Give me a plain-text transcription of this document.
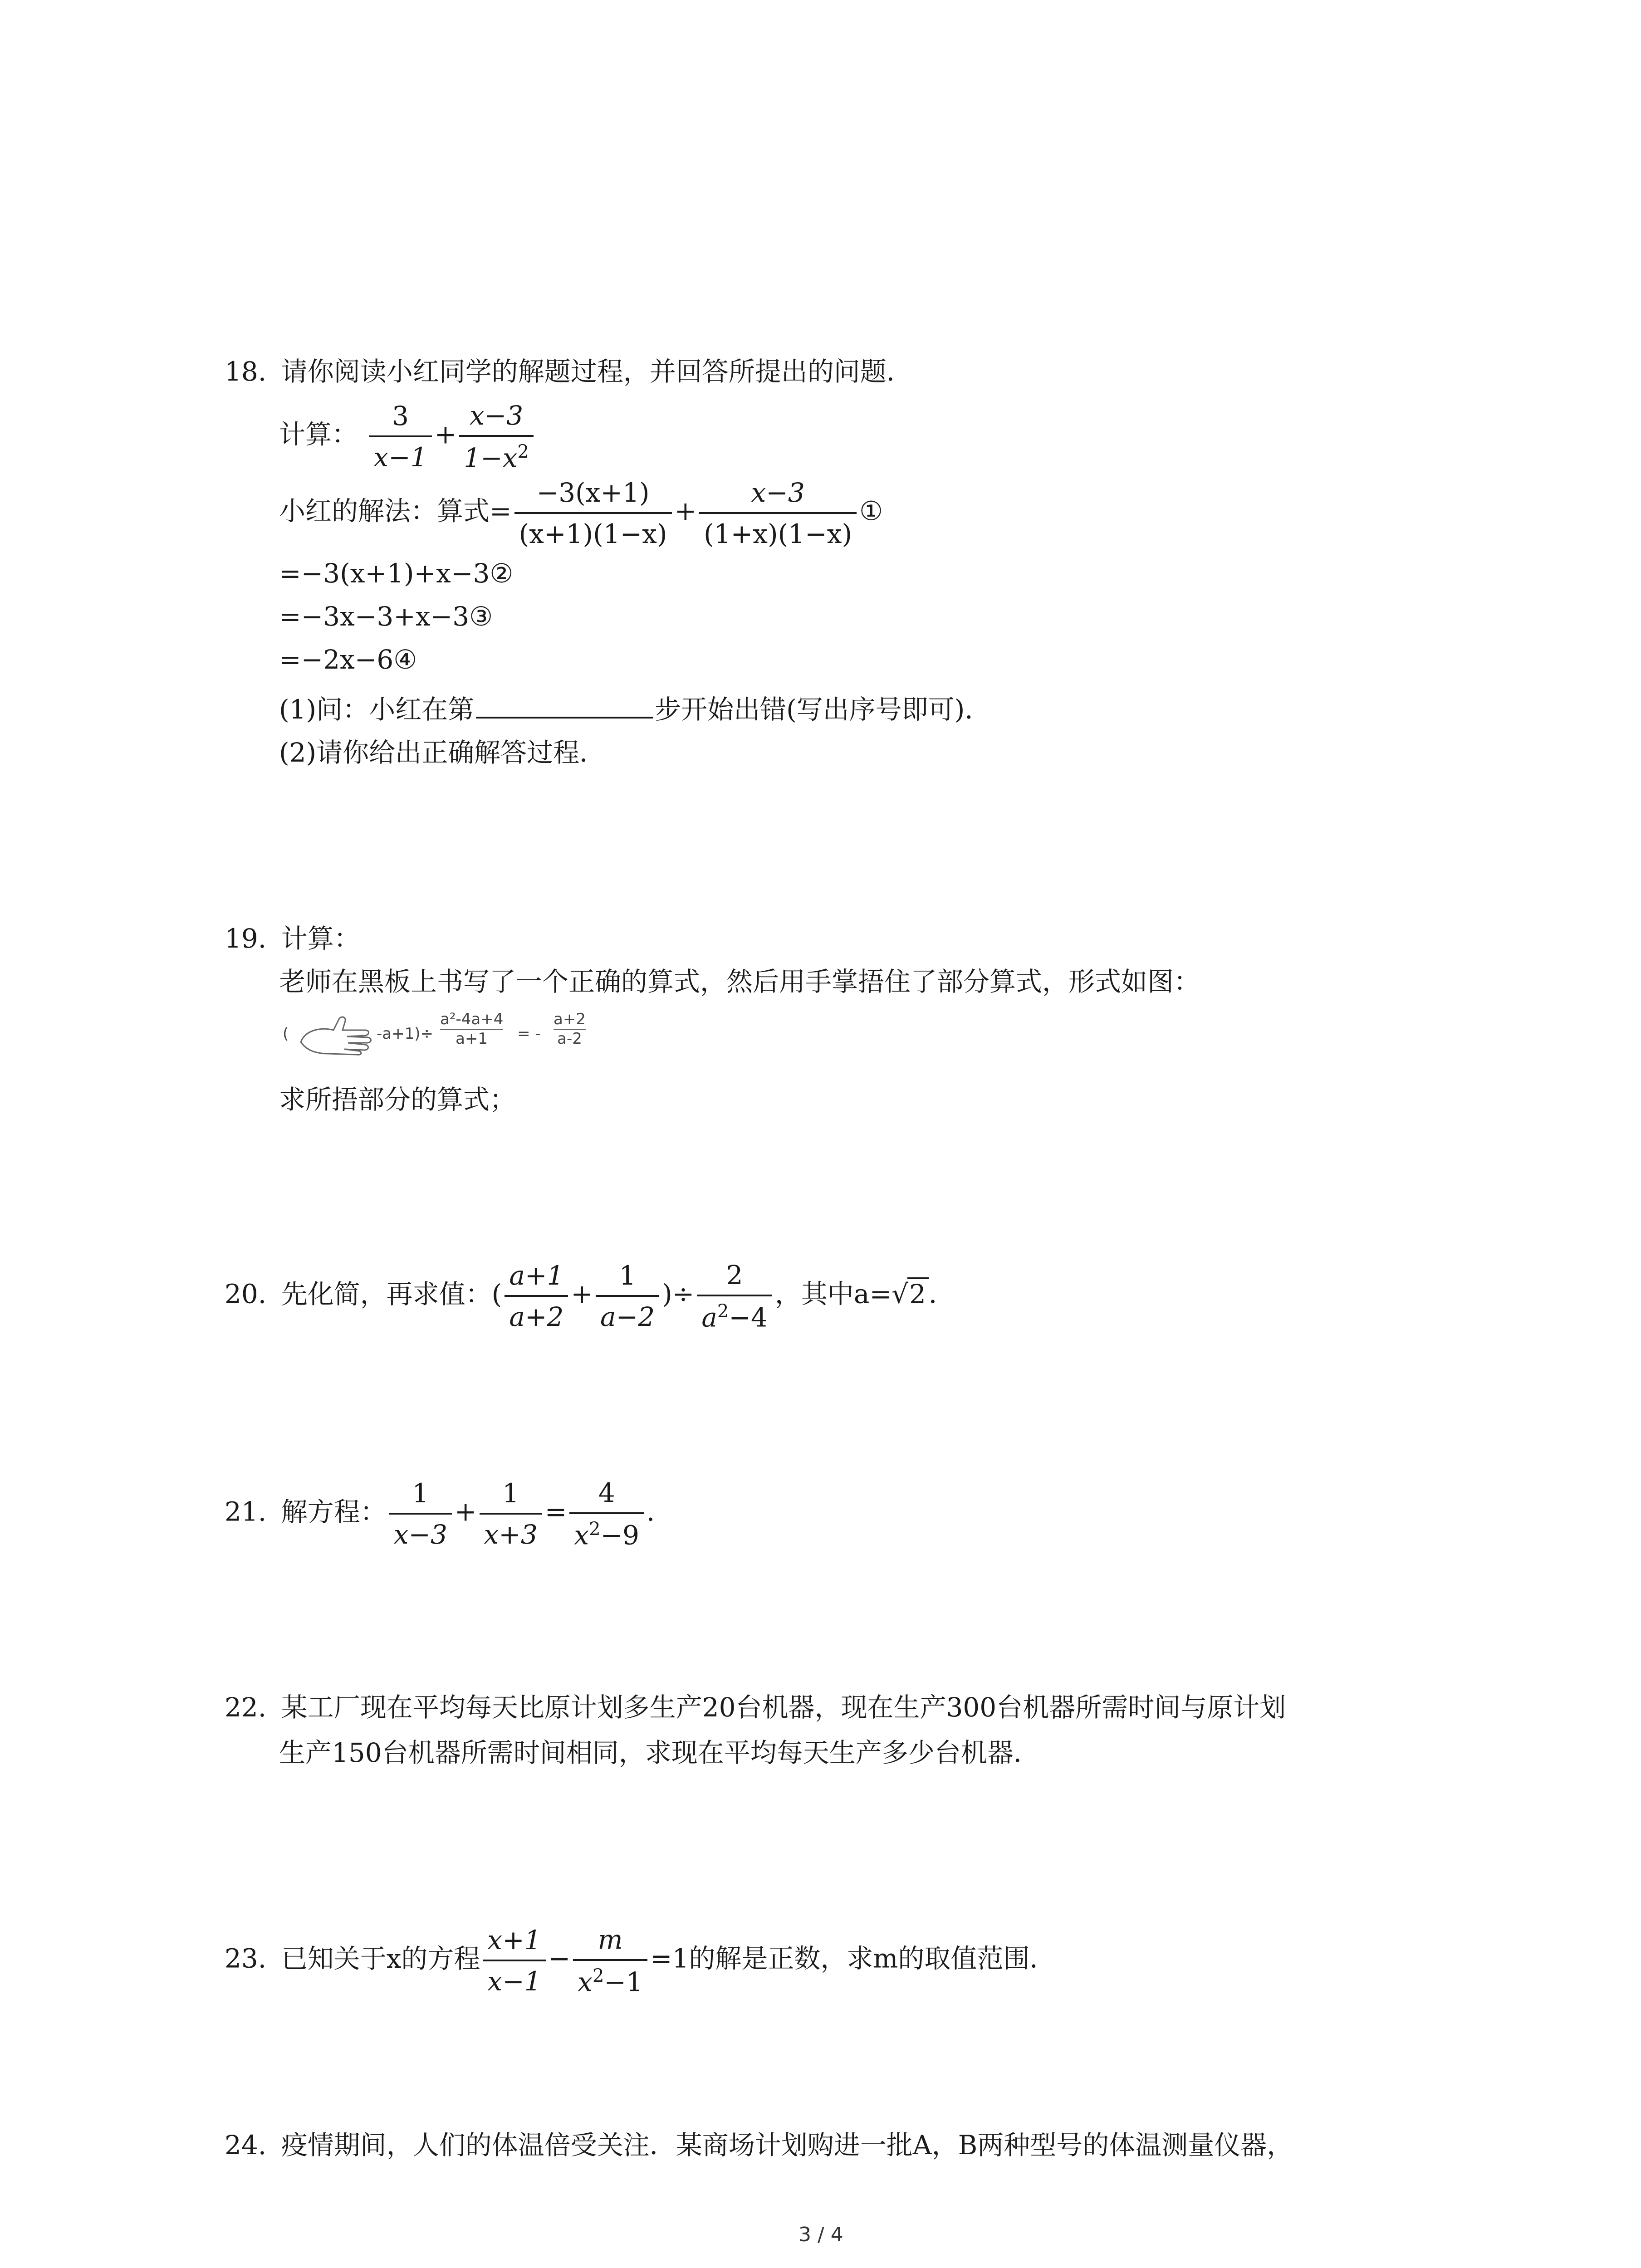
18. 请你阅读小红同学的解题过程，并回答所提出的问题．
计算： $\frac{3}{x-1} + \frac{x-3}{1-x^2}$
小红的解法：算式= $\frac{-3(x+1)}{(x+1)(1-x)} + \frac{x-3}{(1+x)(1-x)}$ ①
=−3(x+1)+x−3②
=−3x−3+x−3③
=−2x−6④
(1)问：小红在第	步开始出错(写出序号即可)．
(2)请你给出正确解答过程．
19. 计算：
老师在黑板上书写了一个正确的算式，然后用手掌捂住了部分算式，形式如图：
(	$-a+1)\div \frac{\text{a²-4a+4}}{a+1}$ = - $\frac{a+2}{a-2}$
求所捂部分的算式；
20. 先化简，再求值：( $\frac{a+1}{a+2} + \frac{1}{a-2}$ )÷ $\frac{2}{a^2-4}$ ，其中a=√2 ．
21. 解方程： $\frac{1}{x-3} + \frac{1}{x+3} = \frac{4}{x^2-9}$ ．
22. 某工厂现在平均每天比原计划多生产20台机器，现在生产300台机器所需时间与原计划
生产150台机器所需时间相同，求现在平均每天生产多少台机器．
23. 已知关于x的方程 $\frac{x+1}{x-1} - \frac{m}{x^2-1} =1$的解是正数，求m的取值范围．
24. 疫情期间，人们的体温倍受关注．某商场计划购进一批A，B两种型号的体温测量仪器，
3 / 4
